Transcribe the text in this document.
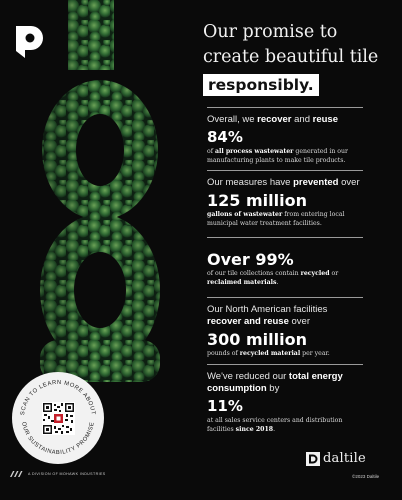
Our promise to
create beautiful tile
responsibly.
Overall, we recover and reuse
84%
of all process wastewater generated in our manufacturing plants to make tile products.
Our measures have prevented over
125 million
gallons of wastewater from entering local municipal water treatment facilities.
Over 99%
of our tile collections contain recycled or reclaimed materials.
Our North American facilities
recover and reuse over
300 million
pounds of recycled material per year.
We've reduced our total energy consumption by
11%
at all sales service centers and distribution facilities since 2018.
SCAN TO LEARN MORE ABOUT
OUR SUSTAINABILITY PROMISE
A DIVISION OF MOHAWK INDUSTRIES
daltile
©2023 Daltile
